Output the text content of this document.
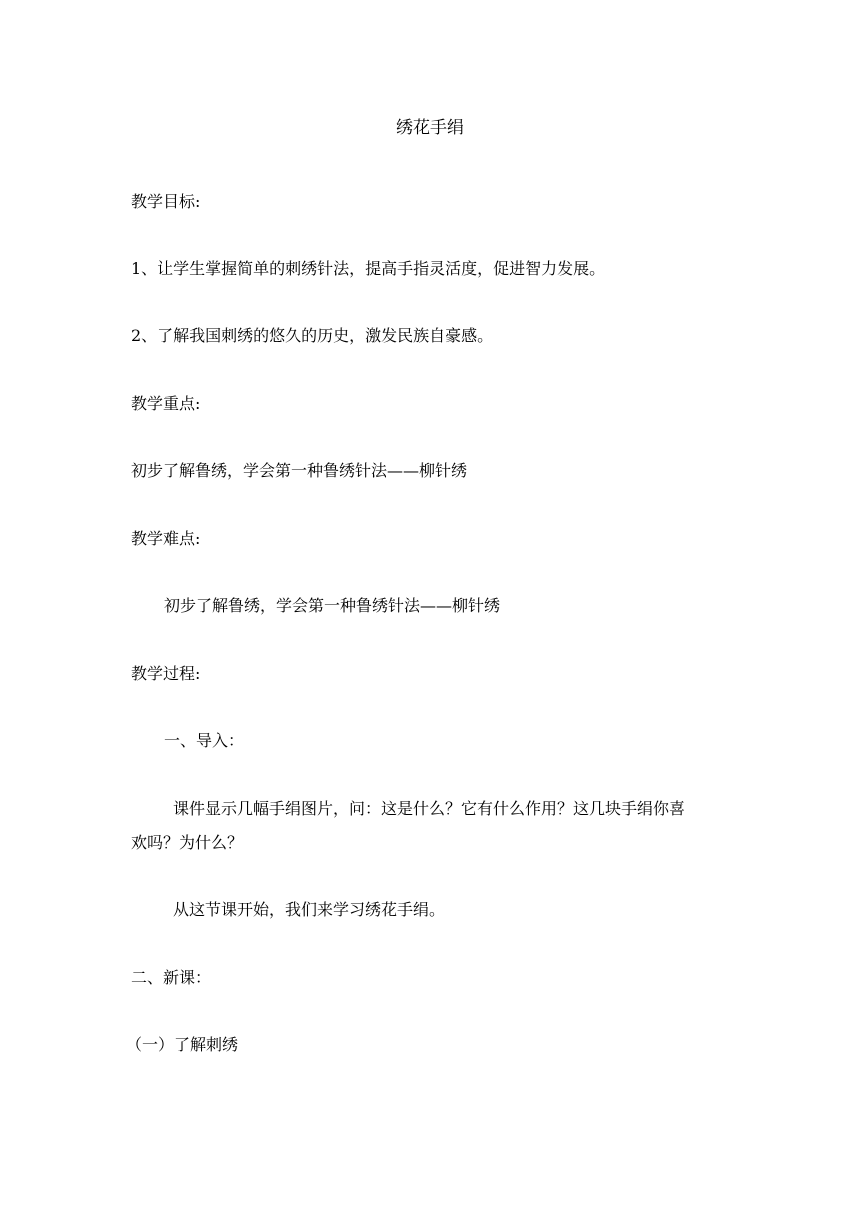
绣花手绢
教学目标:
1、让学生掌握简单的刺绣针法，提高手指灵活度，促进智力发展。
2、了解我国刺绣的悠久的历史，激发民族自豪感。
教学重点:
初步了解鲁绣，学会第一种鲁绣针法——柳针绣
教学难点:
初步了解鲁绣，学会第一种鲁绣针法——柳针绣
教学过程:
一、导入：
课件显示几幅手绢图片，问：这是什么？它有什么作用？这几块手绢你喜
欢吗？为什么？
从这节课开始，我们来学习绣花手绢。
二、新课：
（一）了解刺绣
